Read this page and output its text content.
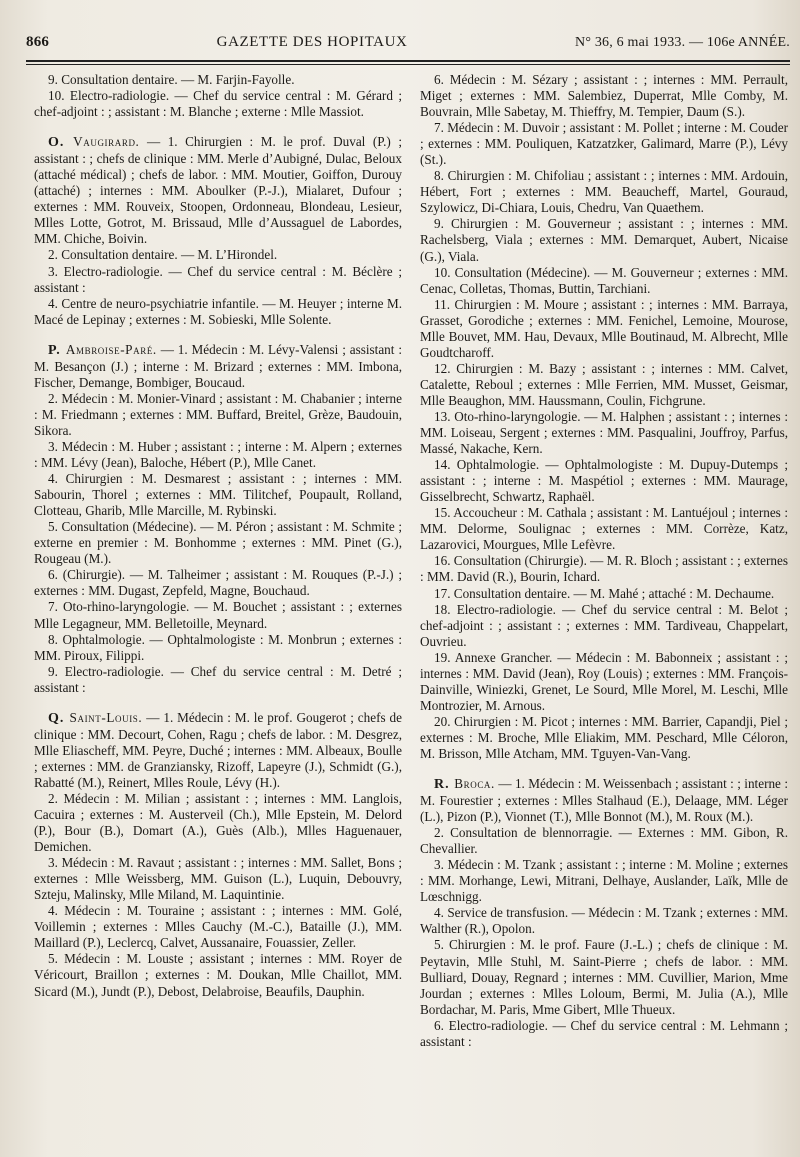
866	GAZETTE DES HOPITAUX	N° 36, 6 mai 1933. — 106e ANNÉE.

9. Consultation dentaire. — M. Farjin-Fayolle.

10. Electro-radiologie. — Chef du service central : M. Gérard ; chef-adjoint : ; assistant : M. Blanche ; externe : Mlle Massiot.

O. Vaugirard. — 1. Chirurgien : M. le prof. Duval (P.) ; assistant : ; chefs de clinique : MM. Merle d’Aubigné, Dulac, Beloux (attaché médical) ; chefs de labor. : MM. Moutier, Goiffon, Durouy (attaché) ; internes : MM. Aboulker (P.-J.), Mialaret, Dufour ; externes : MM. Rouveix, Stoopen, Ordonneau, Blondeau, Lesieur, Mlles Lotte, Gotrot, M. Brissaud, Mlle d’Aussaguel de Labordes, MM. Chiche, Boivin.

2. Consultation dentaire. — M. L’Hirondel.

3. Electro-radiologie. — Chef du service central : M. Béclère ; assistant :

4. Centre de neuro-psychiatrie infantile. — M. Heuyer ; interne M. Macé de Lepinay ; externes : M. Sobieski, Mlle Solente.

P. Ambroise-Paré. — 1. Médecin : M. Lévy-Valensi ; assistant : M. Besançon (J.) ; interne : M. Brizard ; externes : MM. Imbona, Fischer, Demange, Bombiger, Boucaud.

2. Médecin : M. Monier-Vinard ; assistant : M. Chabanier ; interne : M. Friedmann ; externes : MM. Buffard, Breitel, Grèze, Baudouin, Sikora.

3. Médecin : M. Huber ; assistant : ; interne : M. Alpern ; externes : MM. Lévy (Jean), Baloche, Hébert (P.), Mlle Canet.

4. Chirurgien : M. Desmarest ; assistant : ; internes : MM. Sabourin, Thorel ; externes : MM. Tilitchef, Poupault, Rolland, Clotteau, Gharib, Mlle Marcille, M. Rybinski.

5. Consultation (Médecine). — M. Péron ; assistant : M. Schmite ; externe en premier : M. Bonhomme ; externes : MM. Pinet (G.), Rougeau (M.).

6. (Chirurgie). — M. Talheimer ; assistant : M. Rouques (P.-J.) ; externes : MM. Dugast, Zepfeld, Magne, Bouchaud.

7. Oto-rhino-laryngologie. — M. Bouchet ; assistant : ; externes Mlle Legagneur, MM. Belletoille, Meynard.

8. Ophtalmologie. — Ophtalmologiste : M. Monbrun ; externes : MM. Piroux, Filippi.

9. Electro-radiologie. — Chef du service central : M. Detré ; assistant :

Q. Saint-Louis. — 1. Médecin : M. le prof. Gougerot ; chefs de clinique : MM. Decourt, Cohen, Ragu ; chefs de labor. : M. Desgrez, Mlle Eliascheff, MM. Peyre, Duché ; internes : MM. Albeaux, Boulle ; externes : MM. de Granziansky, Rizoff, Lapeyre (J.), Schmidt (G.), Rabatté (M.), Reinert, Mlles Roule, Lévy (H.).

2. Médecin : M. Milian ; assistant : ; internes : MM. Langlois, Cacuira ; externes : M. Austerveil (Ch.), Mlle Epstein, M. Delord (P.), Bour (B.), Domart (A.), Guès (Alb.), Mlles Haguenauer, Demichen.

3. Médecin : M. Ravaut ; assistant : ; internes : MM. Sallet, Bons ; externes : Mlle Weissberg, MM. Guison (L.), Luquin, Debouvry, Szteju, Malinsky, Mlle Miland, M. Laquintinie.

4. Médecin : M. Touraine ; assistant : ; internes : MM. Golé, Voillemin ; externes : Mlles Cauchy (M.-C.), Bataille (J.), MM. Maillard (P.), Leclercq, Calvet, Aussanaire, Fouassier, Zeller.

5. Médecin : M. Louste ; assistant ; internes : MM. Royer de Véricourt, Braillon ; externes : M. Doukan, Mlle Chaillot, MM. Sicard (M.), Jundt (P.), Debost, Delabroise, Beaufils, Dauphin.

6. Médecin : M. Sézary ; assistant : ; internes : MM. Perrault, Miget ; externes : MM. Salembiez, Duperrat, Mlle Comby, M. Bouvrain, Mlle Sabetay, M. Thieffry, M. Tempier, Daum (S.).

7. Médecin : M. Duvoir ; assistant : M. Pollet ; interne : M. Couder ; externes : MM. Pouliquen, Katzatzker, Galimard, Marre (P.), Lévy (St.).

8. Chirurgien : M. Chifoliau ; assistant : ; internes : MM. Ardouin, Hébert, Fort ; externes : MM. Beaucheff, Martel, Gouraud, Szylowicz, Di-Chiara, Louis, Chedru, Van Quaethem.

9. Chirurgien : M. Gouverneur ; assistant : ; internes : MM. Rachelsberg, Viala ; externes : MM. Demarquet, Aubert, Nicaise (G.), Viala.

10. Consultation (Médecine). — M. Gouverneur ; externes : MM. Cenac, Colletas, Thomas, Buttin, Tarchiani.

11. Chirurgien : M. Moure ; assistant : ; internes : MM. Barraya, Grasset, Gorodiche ; externes : MM. Fenichel, Lemoine, Mourose, Mlle Bouvet, MM. Hau, Devaux, Mlle Boutinaud, M. Albrecht, Mlle Goudtcharoff.

12. Chirurgien : M. Bazy ; assistant : ; internes : MM. Calvet, Catalette, Reboul ; externes : Mlle Ferrien, MM. Musset, Geismar, Mlle Beaughon, MM. Haussmann, Coulin, Fichgrune.

13. Oto-rhino-laryngologie. — M. Halphen ; assistant : ; internes : MM. Loiseau, Sergent ; externes : MM. Pasqualini, Jouffroy, Parfus, Massé, Nakache, Kern.

14. Ophtalmologie. — Ophtalmologiste : M. Dupuy-Dutemps ; assistant : ; interne : M. Maspétiol ; externes : MM. Maurage, Gisselbrecht, Schwartz, Raphaël.

15. Accoucheur : M. Cathala ; assistant : M. Lantuéjoul ; internes : MM. Delorme, Soulignac ; externes : MM. Corrèze, Katz, Lazarovici, Mourgues, Mlle Lefèvre.

16. Consultation (Chirurgie). — M. R. Bloch ; assistant : ; externes : MM. David (R.), Bourin, Ichard.

17. Consultation dentaire. — M. Mahé ; attaché : M. Dechaume.

18. Electro-radiologie. — Chef du service central : M. Belot ; chef-adjoint : ; assistant : ; externes : MM. Tardiveau, Chappelart, Ouvrieu.

19. Annexe Grancher. — Médecin : M. Babonneix ; assistant : ; internes : MM. David (Jean), Roy (Louis) ; externes : MM. François-Dainville, Winiezki, Grenet, Le Sourd, Mlle Morel, M. Leschi, Mlle Montrozier, M. Arnous.

20. Chirurgien : M. Picot ; internes : MM. Barrier, Capandji, Piel ; externes : M. Broche, Mlle Eliakim, MM. Peschard, Mlle Céloron, M. Brisson, Mlle Atcham, MM. Tguyen-Van-Vang.

R. Broca. — 1. Médecin : M. Weissenbach ; assistant : ; interne : M. Fourestier ; externes : Mlles Stalhaud (E.), Delaage, MM. Léger (L.), Pizon (P.), Vionnet (T.), Mlle Bonnot (M.), M. Roux (M.).

2. Consultation de blennorragie. — Externes : MM. Gibon, R. Chevallier.

3. Médecin : M. Tzank ; assistant : ; interne : M. Moline ; externes : MM. Morhange, Lewi, Mitrani, Delhaye, Auslander, Laïk, Mlle de Lœschnigg.

4. Service de transfusion. — Médecin : M. Tzank ; externes : MM. Walther (R.), Opolon.

5. Chirurgien : M. le prof. Faure (J.-L.) ; chefs de clinique : M. Peytavin, Mlle Stuhl, M. Saint-Pierre ; chefs de labor. : MM. Bulliard, Douay, Regnard ; internes : MM. Cuvillier, Marion, Mme Jourdan ; externes : Mlles Loloum, Bermi, M. Julia (A.), Mlle Bordachar, M. Paris, Mme Gibert, Mlle Thueux.

6. Electro-radiologie. — Chef du service central : M. Lehmann ; assistant :
